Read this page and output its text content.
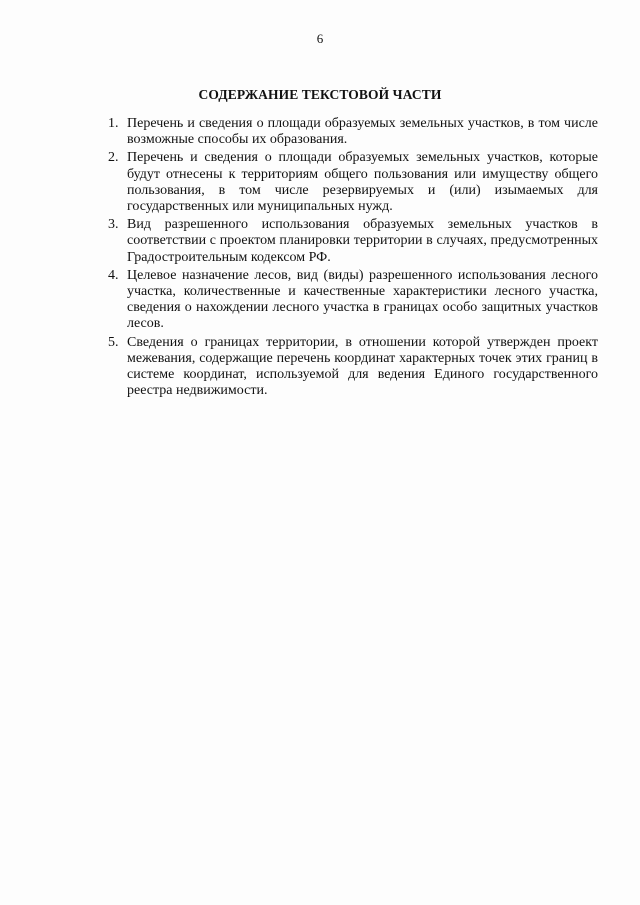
6
СОДЕРЖАНИЕ ТЕКСТОВОЙ ЧАСТИ
1. Перечень и сведения о площади образуемых земельных участков, в том числе возможные способы их образования.
2. Перечень и сведения о площади образуемых земельных участков, которые будут отнесены к территориям общего пользования или имуществу общего пользования, в том числе резервируемых и (или) изымаемых для государственных или муниципальных нужд.
3. Вид разрешенного использования образуемых земельных участков в соответствии с проектом планировки территории в случаях, предусмотренных Градостроительным кодексом РФ.
4. Целевое назначение лесов, вид (виды) разрешенного использования лесного участка, количественные и качественные характеристики лесного участка, сведения о нахождении лесного участка в границах особо защитных участков лесов.
5. Сведения о границах территории, в отношении которой утвержден проект межевания, содержащие перечень координат характерных точек этих границ в системе координат, используемой для ведения Единого государственного реестра недвижимости.
